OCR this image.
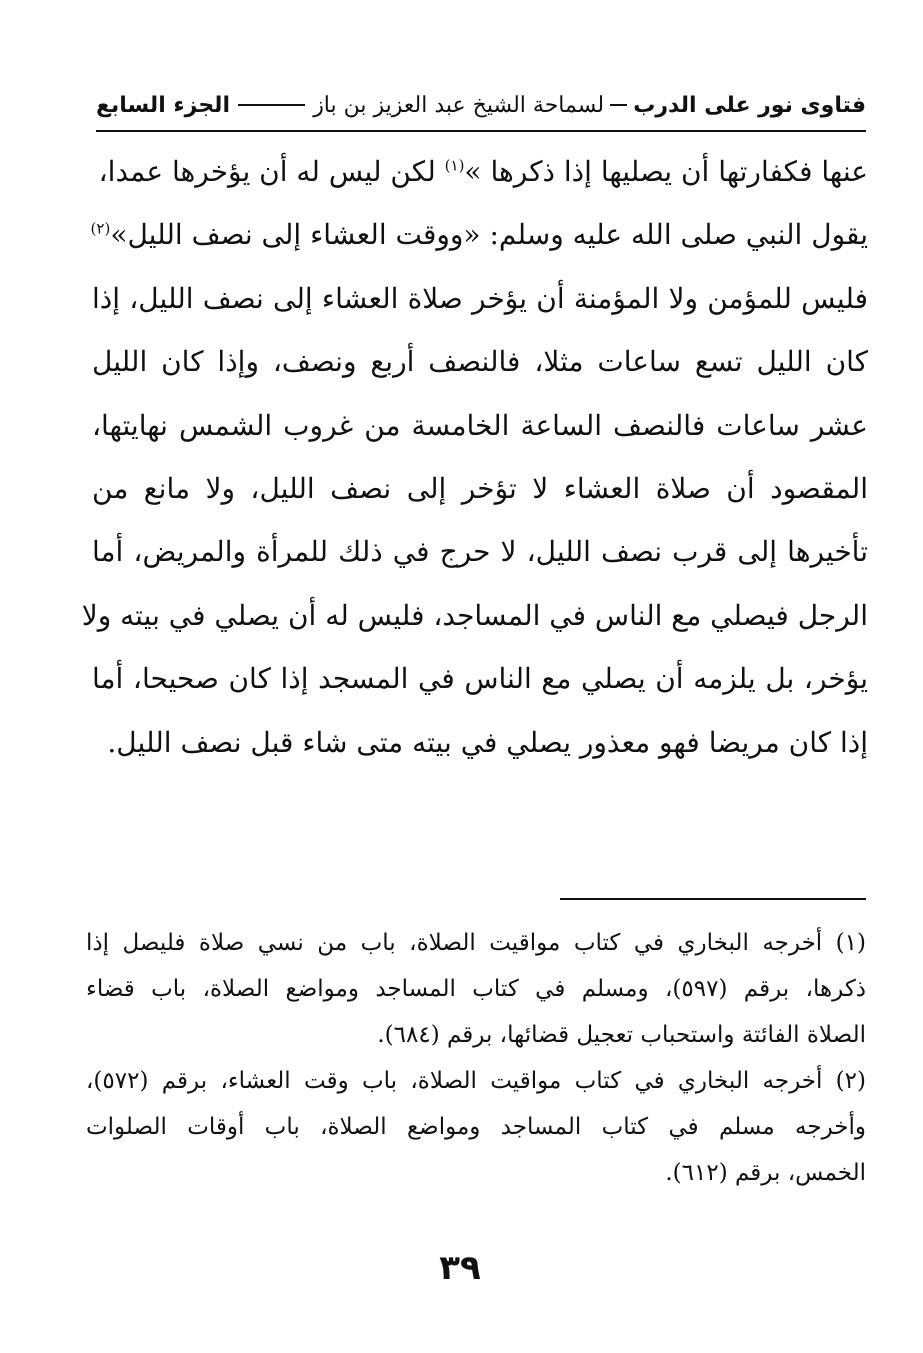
فتاوى نور على الدرب
لسماحة الشيخ عبد العزيز بن باز
الجزء السابع
عنها فكفارتها أن يصليها إذا ذكرها »$^{(١)}$ لكن ليس له أن يؤخرها عمدا،
يقول النبي صلى الله عليه وسلم: «ووقت العشاء إلى نصف الليل»$^{(٢)}$
فليس للمؤمن ولا المؤمنة أن يؤخر صلاة العشاء إلى نصف الليل، إذا
كان الليل تسع ساعات مثلا، فالنصف أربع ونصف، وإذا كان الليل
عشر ساعات فالنصف الساعة الخامسة من غروب الشمس نهايتها،
المقصود أن صلاة العشاء لا تؤخر إلى نصف الليل، ولا مانع من
تأخيرها إلى قرب نصف الليل، لا حرج في ذلك للمرأة والمريض، أما
الرجل فيصلي مع الناس في المساجد، فليس له أن يصلي في بيته ولا
يؤخر، بل يلزمه أن يصلي مع الناس في المسجد إذا كان صحيحا، أما
إذا كان مريضا فهو معذور يصلي في بيته متى شاء قبل نصف الليل.
(١) أخرجه البخاري في كتاب مواقيت الصلاة، باب من نسي صلاة فليصل إذا
ذكرها، برقم (٥٩٧)، ومسلم في كتاب المساجد ومواضع الصلاة، باب قضاء
الصلاة الفائتة واستحباب تعجيل قضائها، برقم (٦٨٤).
(٢) أخرجه البخاري في كتاب مواقيت الصلاة، باب وقت العشاء، برقم (٥٧٢)،
وأخرجه مسلم في كتاب المساجد ومواضع الصلاة، باب أوقات الصلوات
الخمس، برقم (٦١٢).
٣٩
